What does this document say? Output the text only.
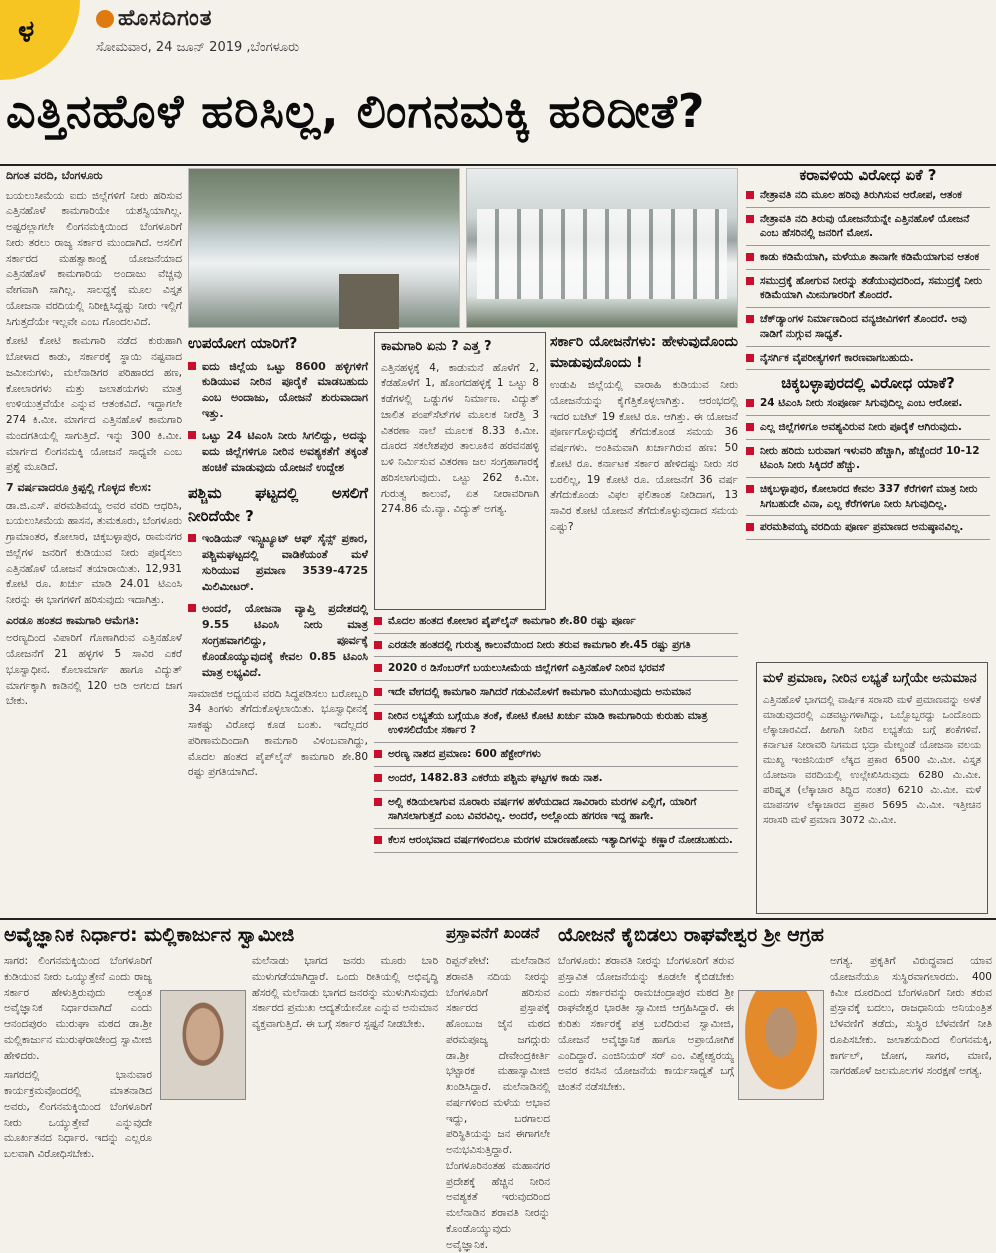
ಳ	ಹೊಸದಿಗಂತ
ಸೋಮವಾರ, 24 ಜೂನ್ 2019 ,ಬೆಂಗಳೂರು
ಎತ್ತಿನಹೊಳೆ ಹರಿಸಿಲ್ಲ, ಲಿಂಗನಮಕ್ಕಿ ಹರಿದೀತೆ?
ದಿಗಂತ ವರದಿ, ಬೆಂಗಳೂರು

ಬಯಲುಸೀಮೆಯ ಐದು ಜಿಲ್ಲೆಗಳಿಗೆ ನೀರು ಹರಿಸುವ ಎತ್ತಿನಹೊಳೆ ಕಾಮಗಾರಿಯೇ ಯಶಸ್ವಿಯಾಗಿಲ್ಲ. ಅಷ್ಟರಲ್ಲಾಗಲೇ ಲಿಂಗನಮಕ್ಕಿಯಿಂದ ಬೆಂಗಳೂರಿಗೆ ನೀರು ತರಲು ರಾಜ್ಯ ಸರ್ಕಾರ ಮುಂದಾಗಿದೆ. ಅಸಲಿಗೆ ಸರ್ಕಾರದ ಮಹತ್ವಾಕಾಂಕ್ಷೆ ಯೋಜನೆಯಾದ ಎತ್ತಿನಹೊಳೆ ಕಾಮಗಾರಿಯ ಅಂದಾಜು ವೆಚ್ಚವು ವೇಗವಾಗಿ ಸಾಗಿಲ್ಲ. ಸಾಲದ್ದಕ್ಕೆ ಮೂಲ ವಿಸ್ತೃತ ಯೋಜನಾ ವರದಿಯಲ್ಲಿ ನಿರೀಕ್ಷಿಸಿದ್ದಷ್ಟು ನೀರು ಇಲ್ಲಿಗೆ ಸಿಗುತ್ತದೆಯೇ ಇಲ್ಲವೇ ಎಂಬ ಗೊಂದಲವಿದೆ.

ಕೋಟಿ ಕೋಟಿ ಕಾಮಗಾರಿ ನಡೆದ ಕುರುಹಾಗಿ ಬೋಳಾದ ಕಾಡು, ಸರ್ಕಾರಕ್ಕೆ ಸ್ಥಾಯಿ ನಷ್ಟವಾದ ಜಮೀನುಗಳು, ಮಲೆನಾಡಿಗರ ಪರಿಹಾರದ ಹಣ, ಕೋಲಾರಗಳು ಮತ್ತು ಜಲಾಶಯಗಳು ಮಾತ್ರ ಉಳಿಯುತ್ತವೆಯೇ ಎನ್ನುವ ಆತಂಕವಿದೆ. ಇದ್ದಾಗಲೇ 274 ಕಿ.ಮೀ. ಮಾರ್ಗದ ಎತ್ತಿನಹೊಳೆ ಕಾಮಗಾರಿ ಮಂದಗತಿಯಲ್ಲಿ ಸಾಗುತ್ತಿದೆ. ಇನ್ನು 300 ಕಿ.ಮೀ. ಮಾರ್ಗದ ಲಿಂಗನಮಕ್ಕಿ ಯೋಜನೆ ಸಾಧ್ಯವೇ ಎಂಬ ಪ್ರಶ್ನೆ ಮೂಡಿದೆ.

7 ವರ್ಷವಾದರೂ ಕ್ರಿಪ್ಪಲ್ಲಿ ಗೊಳ್ಳದ ಕೆಲಸ:

ಡಾ.ಜಿ.ಎಸ್. ಪರಮಶಿವಯ್ಯ ಅವರ ವರದಿ ಆಧರಿಸಿ, ಬಯಲುಸೀಮೆಯ ಹಾಸನ, ತುಮಕೂರು, ಬೆಂಗಳೂರು ಗ್ರಾಮಾಂತರ, ಕೋಲಾರ, ಚಿಕ್ಕಬಳ್ಳಾಪುರ, ರಾಮನಗರ ಜಿಲ್ಲೆಗಳ ಜನರಿಗೆ ಕುಡಿಯುವ ನೀರು ಪೂರೈಸಲು ಎತ್ತಿನಹೊಳೆ ಯೋಜನೆ ತಯಾರಾಯಿತು. 12,931 ಕೋಟಿ ರೂ. ಖರ್ಚು ಮಾಡಿ 24.01 ಟಿಎಂಸಿ ನೀರನ್ನು ಈ ಭಾಗಗಳಿಗೆ ಹರಿಸುವುದು ಇದಾಗಿತ್ತು.

ಎರಡೂ ಹಂತದ ಕಾಮಗಾರಿ ಆಮೆಗತಿ:

ಅರಣ್ಯದಿಂದ ವಿಪಾರಿಗೆ ಗೊಣಾಗಿರುವ ಎತ್ತಿನಹೊಳೆ ಯೋಜನೆಗೆ 21 ಹಳ್ಳಗಳ 5 ಸಾವಿರ ಎಕರೆ ಭೂಸ್ವಾಧೀನ. ಕೊಲಾಮಾರ್ಗ ಹಾಗೂ ವಿದ್ಯುತ್ ಮಾರ್ಗಕ್ಕಾಗಿ ಕಾಡಿನಲ್ಲಿ 120 ಅಡಿ ಅಗಲದ ಜಾಗ ಬೇಕು.

ಉಪಯೋಗ ಯಾರಿಗೆ?
ಐದು ಜಿಲ್ಲೆಯ ಒಟ್ಟು 8600 ಹಳ್ಳಿಗಳಿಗೆ ಕುಡಿಯುವ ನೀರಿನ ಪೂರೈಕೆ ಮಾಡಬಹುದು ಎಂಬ ಅಂದಾಜು, ಯೋಜನೆ ಶುರುವಾದಾಗ ಇತ್ತು.
ಒಟ್ಟು 24 ಟಿಎಂಸಿ ನೀರು ಸಿಗಲಿದ್ದು, ಅದನ್ನು ಐದು ಜಿಲ್ಲೆಗಳಿಗೂ ನೀರಿನ ಅವಶ್ಯಕತೆಗೆ ತಕ್ಕಂತೆ ಹಂಚಿಕೆ ಮಾಡುವುದು ಯೋಜನೆ ಉದ್ದೇಶ
ಪಶ್ಚಿಮ ಘಟ್ಟದಲ್ಲಿ ಅಸಲಿಗೆ ನೀರಿದೆಯೇ ?
ಇಂಡಿಯನ್ ಇನ್ಸ್ಟಿಟ್ಯೂಟ್ ಆಫ್ ಸೈನ್ಸ್ ಪ್ರಕಾರ, ಪಶ್ಚಿಮಘಟ್ಟದಲ್ಲಿ ವಾಡಿಕೆಯಂತೆ ಮಳೆ ಸುರಿಯುವ ಪ್ರಮಾಣ 3539-4725 ಮಿಲಿಮೀಟರ್.
ಅಂದರೆ, ಯೋಜನಾ ವ್ಯಾಪ್ತಿ ಪ್ರದೇಶದಲ್ಲಿ 9.55 ಟಿಎಂಸಿ ನೀರು ಮಾತ್ರ ಸಂಗ್ರಹವಾಗಲಿದ್ದು, ಪೂರ್ವಕ್ಕೆ ಕೊಂಡೊಯ್ಯುವುದಕ್ಕೆ ಕೇವಲ 0.85 ಟಿಎಂಸಿ ಮಾತ್ರ ಲಭ್ಯವಿದೆ.

ಸಾಮಾಜಿಕ ಅಧ್ಯಯನ ವರದಿ ಸಿದ್ಧಪಡಿಸಲು ಬರೋಬ್ಬರಿ 34 ತಿಂಗಳು ತೆಗೆದುಕೊಳ್ಳಲಾಯಿತು. ಭೂಸ್ವಾಧೀನಕ್ಕೆ ಸಾಕಷ್ಟು ವಿರೋಧ ಕೂಡ ಬಂತು. ಇದೆಲ್ಲದರ ಪರಿಣಾಮದಿಂದಾಗಿ ಕಾಮಗಾರಿ ವಿಳಂಬವಾಗಿದ್ದು, ಮೊದಲ ಹಂತದ ಪೈಪ್‌ಲೈನ್ ಕಾಮಗಾರಿ ಶೇ.80 ರಷ್ಟು ಪ್ರಗತಿಯಾಗಿದೆ.

ಕಾಮಗಾರಿ ಏನು ? ಎತ್ತ ?

ಎತ್ತಿನಹಳ್ಳಕ್ಕೆ 4, ಕಾಡುಮನೆ ಹೊಳೆಗೆ 2, ಕೆಡಹೊಳೆಗೆ 1, ಹೊಂಗದಹಳ್ಳಕ್ಕೆ 1 ಒಟ್ಟು 8 ಕಡೆಗಳಲ್ಲಿ ಒಡ್ಡುಗಳ ನಿರ್ಮಾಣ. ವಿದ್ಯುತ್ ಚಾಲಿತ ಪಂಪ್‌ಸೆಟ್‌ಗಳ ಮೂಲಕ ನೀರೆತ್ತಿ 3 ವಿತರಣಾ ನಾಲೆ ಮೂಲಕ 8.33 ಕಿ.ಮೀ. ದೂರದ ಸಕಲೇಶಪುರ ತಾಲೂಕಿನ ಹರವನಹಳ್ಳಿ ಬಳಿ ನಿರ್ಮಿಸುವ ವಿತರಣಾ ಜಲ ಸಂಗ್ರಹಾಗಾರಕ್ಕೆ ಹರಿಸಲಾಗುವುದು. ಒಟ್ಟು 262 ಕಿ.ಮೀ. ಗುರುತ್ವ ಕಾಲುವೆ, ಏತ ನೀರಾವರಿಗಾಗಿ 274.86 ಮೆ.ವ್ಯಾ. ವಿದ್ಯುತ್ ಅಗತ್ಯ.

ಸರ್ಕಾರಿ ಯೋಜನೆಗಳು: ಹೇಳುವುದೊಂದು ಮಾಡುವುದೊಂದು !

ಉಡುಪಿ ಜಿಲ್ಲೆಯಲ್ಲಿ ವಾರಾಹಿ ಕುಡಿಯುವ ನೀರು ಯೋಜನೆಯನ್ನು ಕೈಗೆತ್ತಿಕೊಳ್ಳಲಾಗಿತ್ತು. ಆರಂಭದಲ್ಲಿ ಇದರ ಬಜೆಟ್ 19 ಕೋಟಿ ರೂ. ಆಗಿತ್ತು. ಈ ಯೋಜನೆ ಪೂರ್ಣಗೊಳ್ಳುವುದಕ್ಕೆ ತೆಗೆದುಕೊಂಡ ಸಮಯ 36 ವರ್ಷಗಳು. ಅಂತಿಮವಾಗಿ ಖರ್ಚಾಗಿರುವ ಹಣ: 50 ಕೋಟಿ ರೂ. ಕರ್ನಾಟಕ ಸರ್ಕಾರ ಹೇಳಿದಷ್ಟು ನೀರು ಸರ ಬರಲಿಲ್ಲ, 19 ಕೋಟಿ ರೂ. ಯೋಜನೆಗೆ 36 ವರ್ಷ ತೆಗೆದುಕೊಂಡು ವಿಫಲ ಫಲಿತಾಂಶ ನೀಡಿದಾಗ, 13 ಸಾವಿರ ಕೋಟಿ ಯೋಜನೆ ತೆಗೆದುಕೊಳ್ಳುವುದಾದ ಸಮಯ ಎಷ್ಟು?

ಮೊದಲ ಹಂತದ ಕೋಲಾರ ಪೈಪ್‌ಲೈನ್ ಕಾಮಗಾರಿ ಶೇ.80 ರಷ್ಟು ಪೂರ್ಣ
ಎರಡನೇ ಹಂತದಲ್ಲಿ ಗುರುತ್ವ ಕಾಲುವೆಯಿಂದ ನೀರು ತರುವ ಕಾಮಗಾರಿ ಶೇ.45 ರಷ್ಟು ಪ್ರಗತಿ
2020 ರ ಡಿಸೆಂಬರ್‌ಗೆ ಬಯಲುಸೀಮೆಯ ಜಿಲ್ಲೆಗಳಿಗೆ ಎತ್ತಿನಹೊಳೆ ನೀರಿನ ಭರವಸೆ
ಇದೇ ವೇಗದಲ್ಲಿ ಕಾಮಗಾರಿ ಸಾಗಿದರೆ ಗಡುವಿನೊಳಗೆ ಕಾಮಗಾರಿ ಮುಗಿಯುವುದು ಅನುಮಾನ
ನೀರಿನ ಲಭ್ಯತೆಯ ಬಗ್ಗೆಯೂ ತಂಕೆ, ಕೋಟಿ ಕೋಟಿ ಖರ್ಚು ಮಾಡಿ ಕಾಮಗಾರಿಯ ಕುರುಹು ಮಾತ್ರ ಉಳಿಸಲಿದೆಯೇ ಸರ್ಕಾರ ?
ಅರಣ್ಯ ನಾಶದ ಪ್ರಮಾಣ: 600 ಹೆಕ್ಟೇರ್‌ಗಳು
ಅಂದರೆ, 1482.83 ಎಕರೆಯ ಪಶ್ಚಿಮ ಘಟ್ಟಗಳ ಕಾಡು ನಾಶ.
ಅಲ್ಲಿ ಕಡಿಯಲಾಗುವ ನೂರಾರು ವರ್ಷಗಳ ಹಳೆಯದಾದ ಸಾವಿರಾರು ಮರಗಳ ಎಲ್ಲಿಗೆ, ಯಾರಿಗೆ ಸಾಗಿಸಲಾಗುತ್ತದೆ ಎಂಬ ವಿವರವಿಲ್ಲ. ಅಂದರೆ, ಅಲ್ಲೊಂದು ಹಗರಣ ಇದ್ದ ಹಾಗೇ.
ಕೆಲಸ ಆರಂಭವಾದ ವರ್ಷಗಳಿಂದಲೂ ಮರಗಳ ಮಾರಣಹೋಮ ಇತ್ಯಾದಿಗಳನ್ನು ಕಣ್ಣಾರೆ ನೋಡಬಹುದು.
ಕರಾವಳಿಯ ವಿರೋಧ ಏಕೆ ?
ನೇತ್ರಾವತಿ ನದಿ ಮೂಲ ಹರಿವು ತಿರುಗಿಸುವ ಆರೋಪ, ಆತಂಕ
ನೇತ್ರಾವತಿ ನದಿ ತಿರುವು ಯೋಜನೆಯನ್ನೇ ಎತ್ತಿನಹೊಳೆ ಯೋಜನೆ ಎಂಬ ಹೆಸರಿನಲ್ಲಿ ಜನರಿಗೆ ಮೋಸ.
ಕಾಡು ಕಡಿಮೆಯಾಗಿ, ಮಳೆಯೂ ತಾನಾಗೇ ಕಡಿಮೆಯಾಗುವ ಆತಂಕ
ಸಮುದ್ರಕ್ಕೆ ಹೋಗುವ ನೀರನ್ನು ತಡೆಯುವುದರಿಂದ, ಸಮುದ್ರಕ್ಕೆ ನೀರು ಕಡಿಮೆಯಾಗಿ ಮೀನುಗಾರರಿಗೆ ತೊಂದರೆ.
ಚೆಕ್‌ಡ್ಯಾಂಗಳ ನಿರ್ಮಾಣದಿಂದ ವನ್ಯಜೀವಿಗಳಿಗೆ ತೊಂದರೆ. ಅವು ನಾಡಿಗೆ ನುಗ್ಗುವ ಸಾಧ್ಯತೆ.
ನೈಸರ್ಗಿಕ ವೈಪರೀತ್ಯಗಳಿಗೆ ಕಾರಣವಾಗಬಹುದು.
ಚಿಕ್ಕಬಳ್ಳಾಪುರದಲ್ಲಿ ವಿರೋಧ ಯಾಕೆ?
24 ಟಿಎಂಸಿ ನೀರು ಸಂಪೂರ್ಣ ಸಿಗುವುದಿಲ್ಲ ಎಂಬ ಆರೋಪ.
ಎಲ್ಲ ಜಿಲ್ಲೆಗಳಿಗೂ ಅವಶ್ಯವಿರುವ ನೀರು ಪೂರೈಕೆ ಆಗಿರುವುದು.
ನೀರು ಹರಿದು ಬರುವಾಗ ಇಳುವರಿ ಹೆಚ್ಚಾಗಿ, ಹೆಚ್ಚೆಂದರೆ 10-12 ಟಿಎಂಸಿ ನೀರು ಸಿಕ್ಕಿದರೆ ಹೆಚ್ಚು.
ಚಿಕ್ಕಬಳ್ಳಾಪುರ, ಕೋಲಾರದ ಕೇವಲ 337 ಕೆರೆಗಳಿಗೆ ಮಾತ್ರ ನೀರು ಸಿಗಬಹುದೇ ವಿನಾ, ಎಲ್ಲ ಕೆರೆಗಳಿಗೂ ನೀರು ಸಿಗುವುದಿಲ್ಲ.
ಪರಮಶಿವಯ್ಯ ವರದಿಯ ಪೂರ್ಣ ಪ್ರಮಾಣದ ಅನುಷ್ಠಾನವಿಲ್ಲ.
ಮಳೆ ಪ್ರಮಾಣ, ನೀರಿನ ಲಭ್ಯತೆ ಬಗ್ಗೆಯೇ ಅನುಮಾನ

ಎತ್ತಿನಹೊಳೆ ಭಾಗದಲ್ಲಿ ವಾರ್ಷಿಕ ಸರಾಸರಿ ಮಳೆ ಪ್ರಮಾಣವನ್ನು ಅಳತೆ ಮಾಡುವುದರಲ್ಲಿ ಎಡವಟ್ಟುಗಳಾಗಿದ್ದು, ಒಬ್ಬೊಬ್ಬರದ್ದು ಒಂದೊಂದು ಲೆಕ್ಕಾಚಾರವಿದೆ. ಹೀಗಾಗಿ ನೀರಿನ ಲಭ್ಯತೆಯ ಬಗ್ಗೆ ಶಂಕೆಗಳಿವೆ. ಕರ್ನಾಟಕ ನೀರಾವರಿ ನಿಗಮದ ಭದ್ರಾ ಮೇಲ್ದಂಡೆ ಯೋಜನಾ ವಲಯ ಮುಖ್ಯ ಇಂಜಿನಿಯರ್ ಲೆಕ್ಕದ ಪ್ರಕಾರ 6500 ಮಿ.ಮೀ. ವಿಸ್ತೃತ ಯೋಜನಾ ವರದಿಯಲ್ಲಿ ಉಲ್ಲೇಖಿಸಿರುವುದು 6280 ಮಿ.ಮೀ. ಪರಿಷ್ಕೃತ (ಲೆಕ್ಕಾಚಾರ ತಿದ್ದಿದ ನಂತರ) 6210 ಮಿ.ಮೀ. ಮಳೆ ಮಾಪನಗಳ ಲೆಕ್ಕಾಚಾರದ ಪ್ರಕಾರ 5695 ಮಿ.ಮೀ. ಇತ್ತೀಚಿನ ಸರಾಸರಿ ಮಳೆ ಪ್ರಮಾಣ 3072 ಮಿ.ಮೀ.

ಅವೈಜ್ಞಾನಿಕ ನಿರ್ಧಾರ: ಮಲ್ಲಿಕಾರ್ಜುನ ಸ್ವಾಮೀಜಿ

ಸಾಗರ: ಲಿಂಗನಮಕ್ಕಿಯಿಂದ ಬೆಂಗಳೂರಿಗೆ ಕುಡಿಯುವ ನೀರು ಒಯ್ಯುತ್ತೇನೆ ಎಂದು ರಾಜ್ಯ ಸರ್ಕಾರ ಹೇಳುತ್ತಿರುವುದು ಅತ್ಯಂತ ಅವೈಜ್ಞಾನಿಕ ನಿರ್ಧಾರವಾಗಿದೆ ಎಂದು ಆನಂದಪುರಂ ಮುರುಘಾ ಮಠದ ಡಾ.ಶ್ರೀ ಮಲ್ಲಿಕಾರ್ಜುನ ಮುರುಘರಾಜೇಂದ್ರ ಸ್ವಾಮೀಜಿ ಹೇಳಿದರು.

ಸಾಗರದಲ್ಲಿ ಭಾನುವಾರ ಕಾರ್ಯಕ್ರಮವೊಂದರಲ್ಲಿ ಮಾತನಾಡಿದ ಅವರು, ಲಿಂಗನಮಕ್ಕಿಯಿಂದ ಬೆಂಗಳೂರಿಗೆ ನೀರು ಒಯ್ಯುತ್ತೇವೆ ಎನ್ನುವುದೇ ಮೂರ್ಖತನದ ನಿರ್ಧಾರ. ಇದನ್ನು ಎಲ್ಲರೂ ಬಲವಾಗಿ ವಿರೋಧಿಸಬೇಕು.

ಮಲೆನಾಡು ಭಾಗದ ಜನರು ಮೂರು ಬಾರಿ ಮುಳುಗಡೆಯಾಗಿದ್ದಾರೆ. ಒಂದು ರೀತಿಯಲ್ಲಿ ಅಭಿವೃದ್ಧಿ ಹೆಸರಲ್ಲಿ ಮಲೆನಾಡು ಭಾಗದ ಜನರನ್ನು ಮುಳುಗಿಸುವುದು ಸರ್ಕಾರದ ಪ್ರಮುಖ ಆದ್ಯತೆಯೇನೋ ಎನ್ನುವ ಅನುಮಾನ ವ್ಯಕ್ತವಾಗುತ್ತಿದೆ. ಈ ಬಗ್ಗೆ ಸರ್ಕಾರ ಸ್ಪಷ್ಟನೆ ನೀಡಬೇಕು.

ಪ್ರಸ್ತಾವನೆಗೆ ಖಂಡನೆ

ರಿಪ್ಪನ್‌ಪೇಟೆ: ಮಲೆನಾಡಿನ ಶರಾವತಿ ನದಿಯ ನೀರನ್ನು ಬೆಂಗಳೂರಿಗೆ ಹರಿಸುವ ಸರ್ಕಾರದ ಪ್ರಸ್ತಾಪಕ್ಕೆ ಹೊಂಬುಜ ಜೈನ ಮಠದ ಪರಮಪೂಜ್ಯ ಜಗದ್ಗುರು ಡಾ.ಶ್ರೀ ದೇವೇಂದ್ರಕೀರ್ತಿ ಭಟ್ಟಾರಕ ಮಹಾಸ್ವಾಮೀಜಿ ಖಂಡಿಸಿದ್ದಾರೆ. ಮಲೆನಾಡಿನಲ್ಲಿ ವರ್ಷಗಳಿಂದ ಮಳೆಯ ಅಭಾವ ಇದ್ದು, ಬರಗಾಲದ ಪರಿಸ್ಥಿತಿಯನ್ನು ಜನ ಈಗಾಗಲೇ ಅನುಭವಿಸುತ್ತಿದ್ದಾರೆ. ಬೆಂಗಳೂರಿನಂತಹ ಮಹಾನಗರ ಪ್ರದೇಶಕ್ಕೆ ಹೆಚ್ಚಿನ ನೀರಿನ ಅವಶ್ಯಕತೆ ಇರುವುದರಿಂದ ಮಲೆನಾಡಿನ ಶರಾವತಿ ನೀರನ್ನು ಕೊಂಡೊಯ್ಯುವುದು ಅವೈಜ್ಞಾನಿಕ.

ಯೋಜನೆ ಕೈಬಿಡಲು ರಾಘವೇಶ್ವರ ಶ್ರೀ ಆಗ್ರಹ

ಬೆಂಗಳೂರು: ಶರಾವತಿ ನೀರನ್ನು ಬೆಂಗಳೂರಿಗೆ ತರುವ ಪ್ರಸ್ತಾವಿತ ಯೋಜನೆಯನ್ನು ಕೂಡಲೇ ಕೈಬಿಡಬೇಕು ಎಂದು ಸರ್ಕಾರವನ್ನು ರಾಮಚಂದ್ರಾಪುರ ಮಠದ ಶ್ರೀ ರಾಘವೇಶ್ವರ ಭಾರತೀ ಸ್ವಾಮೀಜಿ ಆಗ್ರಹಿಸಿದ್ದಾರೆ. ಈ ಕುರಿತು ಸರ್ಕಾರಕ್ಕೆ ಪತ್ರ ಬರೆದಿರುವ ಸ್ವಾಮೀಜಿ, ಯೋಜನೆ ಅವೈಜ್ಞಾನಿಕ ಹಾಗೂ ಅಪ್ರಾಯೋಗಿಕ ಎಂದಿದ್ದಾರೆ. ಎಂಜಿನಿಯರ್ ಸರ್ ಎಂ. ವಿಶ್ವೇಶ್ವರಯ್ಯ ಅವರ ಕನಸಿನ ಯೋಜನೆಯ ಕಾರ್ಯಸಾಧ್ಯತೆ ಬಗ್ಗೆ ಚಿಂತನೆ ನಡೆಸಬೇಕು.

ಅಗತ್ಯ. ಪ್ರಕೃತಿಗೆ ವಿರುದ್ಧವಾದ ಯಾವ ಯೋಜನೆಯೂ ಸುಸ್ಥಿರವಾಗಲಾರದು. 400 ಕಿಮೀ ದೂರದಿಂದ ಬೆಂಗಳೂರಿಗೆ ನೀರು ತರುವ ಪ್ರಸ್ತಾವಕ್ಕೆ ಬದಲು, ರಾಜಧಾನಿಯ ಅನಿಯಂತ್ರಿತ ಬೆಳವಣಿಗೆ ತಡೆದು, ಸುಸ್ಥಿರ ಬೆಳವಣಿಗೆ ನೀತಿ ರೂಪಿಸಬೇಕು. ಜಲಾಶಯದಿಂದ ಲಿಂಗನಮಕ್ಕಿ, ಕಾರ್ಗಲ್, ಜೋಗ, ಸಾಗರ, ಮಾಣಿ, ನಾಗರಹೊಳೆ ಜಲಮೂಲಗಳ ಸಂರಕ್ಷಣೆ ಅಗತ್ಯ.
